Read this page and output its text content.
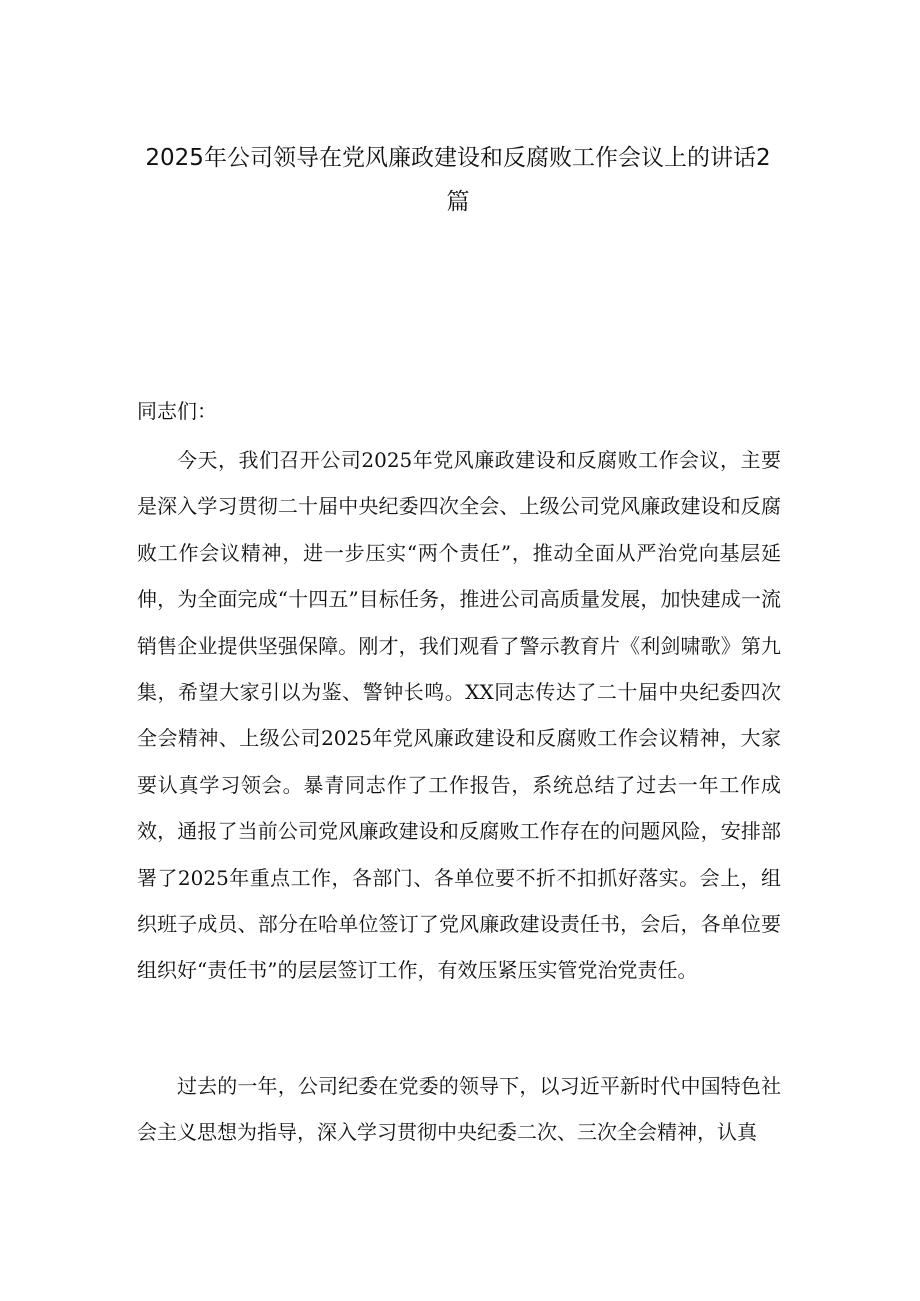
2025年公司领导在党风廉政建设和反腐败工作会议上的讲话2篇

同志们：

今天，我们召开公司2025年党风廉政建设和反腐败工作会议，主要是深入学习贯彻二十届中央纪委四次全会、上级公司党风廉政建设和反腐败工作会议精神，进一步压实“两个责任”，推动全面从严治党向基层延伸，为全面完成“十四五”目标任务，推进公司高质量发展，加快建成一流销售企业提供坚强保障。刚才，我们观看了警示教育片《利剑啸歌》第九集，希望大家引以为鉴、警钟长鸣。XX同志传达了二十届中央纪委四次全会精神、上级公司2025年党风廉政建设和反腐败工作会议精神，大家要认真学习领会。暴青同志作了工作报告，系统总结了过去一年工作成效，通报了当前公司党风廉政建设和反腐败工作存在的问题风险，安排部署了2025年重点工作，各部门、各单位要不折不扣抓好落实。会上，组织班子成员、部分在哈单位签订了党风廉政建设责任书，会后，各单位要组织好“责任书”的层层签订工作，有效压紧压实管党治党责任。

过去的一年，公司纪委在党委的领导下，以习近平新时代中国特色社会主义思想为指导，深入学习贯彻中央纪委二次、三次全会精神，认真
